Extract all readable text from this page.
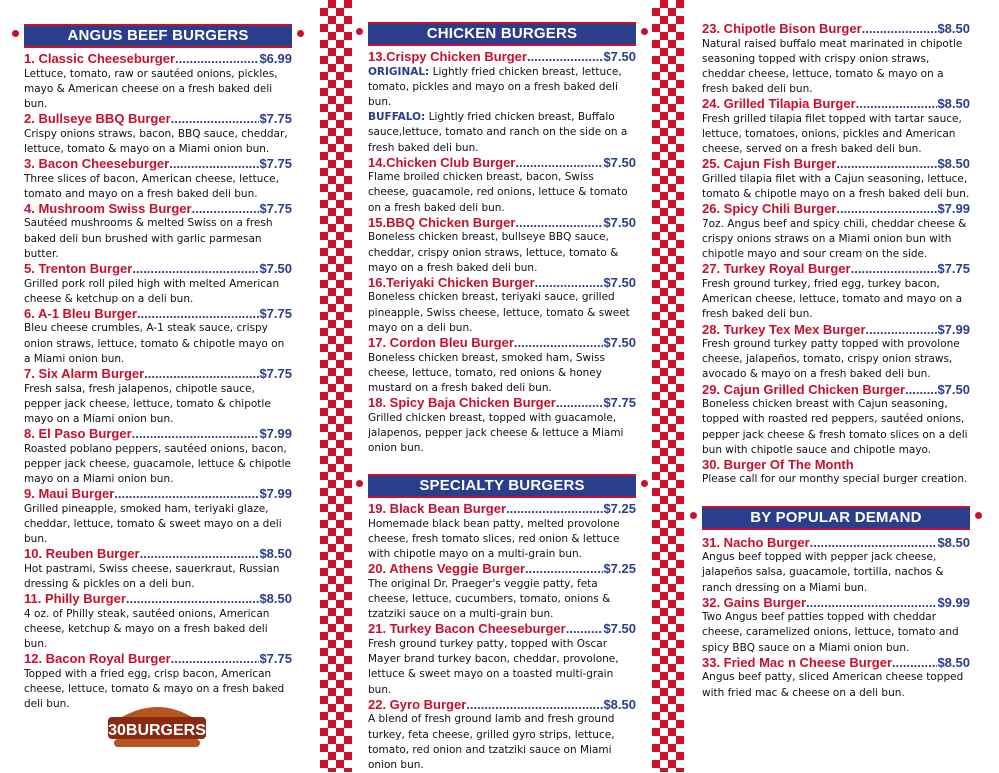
ANGUS BEEF BURGERS
1. Classic Cheeseburger .....	$6.99
Lettuce, tomato, raw or sautéed onions, pickles, mayo & American cheese on a fresh baked deli bun.
2. Bullseye BBQ Burger .....	$7.75
Crispy onions straws, bacon, BBQ sauce, cheddar, lettuce, tomato & mayo on a Miami onion bun.
3. Bacon Cheeseburger .....	$7.75
Three slices of bacon, American cheese, lettuce, tomato and mayo on a fresh baked deli bun.
4. Mushroom Swiss Burger .....	$7.75
Sautéed mushrooms & melted Swiss on a fresh baked deli bun brushed with garlic parmesan butter.
5. Trenton Burger .....	$7.50
Grilled pork roll piled high with melted American cheese & ketchup on a deli bun.
6. A-1 Bleu Burger .....	$7.75
Bleu cheese crumbles, A-1 steak sauce, crispy onion straws, lettuce, tomato & chipotle mayo on a Miami onion bun.
7. Six Alarm Burger .....	$7.75
Fresh salsa, fresh jalapenos, chipotle sauce, pepper jack cheese, lettuce, tomato & chipotle mayo on a Miami onion bun.
8. El Paso Burger .....	$7.99
Roasted poblano peppers, sautéed onions, bacon, pepper jack cheese, guacamole, lettuce & chipotle mayo on a Miami onion bun.
9. Maui Burger .....	$7.99
Grilled pineapple, smoked ham, teriyaki glaze, cheddar, lettuce, tomato & sweet mayo on a deli bun.
10. Reuben Burger .....	$8.50
Hot pastrami, Swiss cheese, sauerkraut, Russian dressing & pickles on a deli bun.
11. Philly Burger .....	$8.50
4 oz. of Philly steak, sautéed onions, American cheese, ketchup & mayo on a fresh baked deli bun.
12. Bacon Royal Burger .....	$7.75
Topped with a fried egg, crisp bacon, American cheese, lettuce, tomato & mayo on a fresh baked deli bun.
CHICKEN BURGERS
13.Crispy Chicken Burger .....	$7.50
ORIGINAL: Lightly fried chicken breast, lettuce, tomato, pickles and mayo on a fresh baked deli bun.
BUFFALO: Lightly fried chicken breast, Buffalo sauce,lettuce, tomato and ranch on the side on a fresh baked deli bun.
14.Chicken Club Burger .....	$7.50
Flame broiled chicken breast, bacon, Swiss cheese, guacamole, red onions, lettuce & tomato on a fresh baked deli bun.
15.BBQ Chicken Burger .....	$7.50
Boneless chicken breast, bullseye BBQ sauce, cheddar, crispy onion straws, lettuce, tomato & mayo on a fresh baked deli bun.
16.Teriyaki Chicken Burger .....	$7.50
Boneless chicken breast, teriyaki sauce, grilled pineapple, Swiss cheese, lettuce, tomato & sweet mayo on a deli bun.
17. Cordon Bleu Burger .....	$7.50
Boneless chicken breast, smoked ham, Swiss cheese, lettuce, tomato, red onions & honey mustard on a fresh baked deli bun.
18. Spicy Baja Chicken Burger .....	$7.75
Grilled chicken breast, topped with guacamole, jalapenos, pepper jack cheese & lettuce a Miami onion bun.
SPECIALTY BURGERS
19. Black Bean Burger .....	$7.25
Homemade black bean patty, melted provolone cheese, fresh tomato slices, red onion & lettuce with chipotle mayo on a multi-grain bun.
20. Athens Veggie Burger .....	$7.25
The original Dr. Praeger's veggie patty, feta cheese, lettuce, cucumbers, tomato, onions & tzatziki sauce on a multi-grain bun.
21. Turkey Bacon Cheeseburger .....	$7.50
Fresh ground turkey patty, topped with Oscar Mayer brand turkey bacon, cheddar, provolone, lettuce & sweet mayo on a toasted multi-grain bun.
22. Gyro Burger .....	$8.50
A blend of fresh ground lamb and fresh ground turkey, feta cheese, grilled gyro strips, lettuce, tomato, red onion and tzatziki sauce on Miami onion bun.
23. Chipotle Bison Burger .....	$8.50
Natural raised buffalo meat marinated in chipotle seasoning topped with crispy onion straws, cheddar cheese, lettuce, tomato & mayo on a fresh baked deli bun.
24. Grilled Tilapia Burger .....	$8.50
Fresh grilled tilapia filet topped with tartar sauce, lettuce, tomatoes, onions, pickles and American cheese, served on a fresh baked deli bun.
25. Cajun Fish Burger .....	$8.50
Grilled tilapia filet with a Cajun seasoning, lettuce, tomato & chipotle mayo on a fresh baked deli bun.
26. Spicy Chili Burger .....	$7.99
7oz. Angus beef and spicy chili, cheddar cheese & crispy onions straws on a Miami onion bun with chipotle mayo and sour cream on the side.
27. Turkey Royal Burger .....	$7.75
Fresh ground turkey, fried egg, turkey bacon, American cheese, lettuce, tomato and mayo on a fresh baked deli bun.
28. Turkey Tex Mex Burger .....	$7.99
Fresh ground turkey patty topped with provolone cheese, jalapeños, tomato, crispy onion straws, avocado & mayo on a fresh baked deli bun.
29. Cajun Grilled Chicken Burger ..... $7.50
Boneless chicken breast with Cajun seasoning, topped with roasted red peppers, sautéed onions, pepper jack cheese & fresh tomato slices on a deli bun with chipotle sauce and chipotle mayo.
30. Burger Of The Month
Please call for our monthy special burger creation.
BY POPULAR DEMAND
31. Nacho Burger .....	$8.50
Angus beef topped with pepper jack cheese, jalapeños salsa, guacamole, tortilla, nachos & ranch dressing on a Miami bun.
32. Gains Burger .....	$9.99
Two Angus beef patties topped with cheddar cheese, caramelized onions, lettuce, tomato and spicy BBQ sauce on a Miami onion bun.
33. Fried Mac n Cheese Burger .....	$8.50
Angus beef patty, sliced American cheese topped with fried mac & cheese on a deli bun.
30BURGERS
